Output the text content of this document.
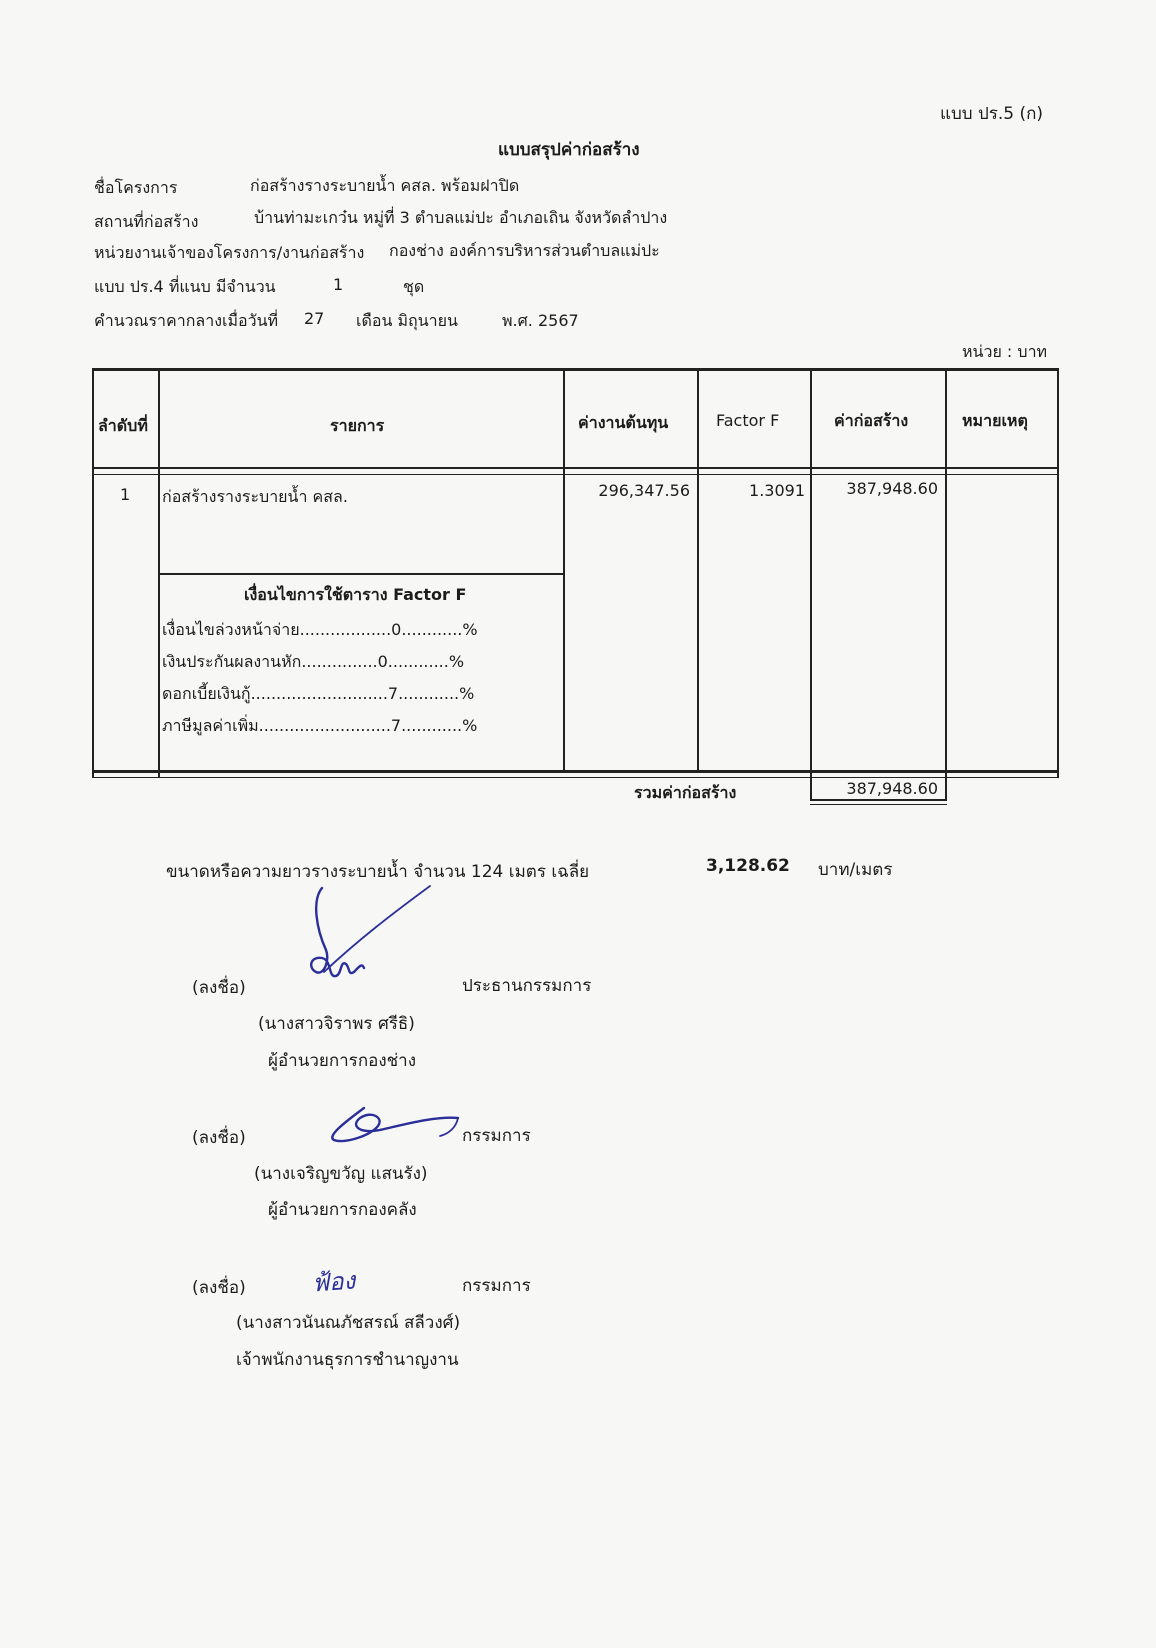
แบบ ปร.5 (ก)
แบบสรุปค่าก่อสร้าง
ชื่อโครงการ	ก่อสร้างรางระบายน้ำ คสล. พร้อมฝาปิด
สถานที่ก่อสร้าง	บ้านท่ามะเกว๋น หมู่ที่ 3 ตำบลแม่ปะ อำเภอเถิน จังหวัดลำปาง
หน่วยงานเจ้าของโครงการ/งานก่อสร้าง กองช่าง องค์การบริหารส่วนตำบลแม่ปะ
แบบ ปร.4 ที่แนบ มีจำนวน	1	ชุด
คำนวณราคากลางเมื่อวันที่ 27 เดือน มิถุนายน	พ.ศ. 2567
หน่วย : บาท
ลำดับที่	รายการ	ค่างานต้นทุน	Factor F	ค่าก่อสร้าง	หมายเหตุ
1 ก่อสร้างรางระบายน้ำ คสล.	296,347.56	1.3091	387,948.60
เงื่อนไขการใช้ตาราง Factor F
เงื่อนไขล่วงหน้าจ่าย..................0............%
เงินประกันผลงานหัก...............0............%
ดอกเบี้ยเงินกู้...........................7............%
ภาษีมูลค่าเพิ่ม..........................7............%
รวมค่าก่อสร้าง	387,948.60
ขนาดหรือความยาวรางระบายน้ำ จำนวน 124 เมตร เฉลี่ย	3,128.62 บาท/เมตร
(ลงชื่อ)	ประธานกรรมการ
(นางสาวจิราพร ศรีธิ)
ผู้อำนวยการกองช่าง
(ลงชื่อ)	กรรมการ
(นางเจริญขวัญ แสนรัง)
ผู้อำนวยการกองคลัง
ฟ้อง
(ลงชื่อ)	กรรมการ
(นางสาวนันณภัชสรณ์ สลีวงศ์)
เจ้าพนักงานธุรการชำนาญงาน
